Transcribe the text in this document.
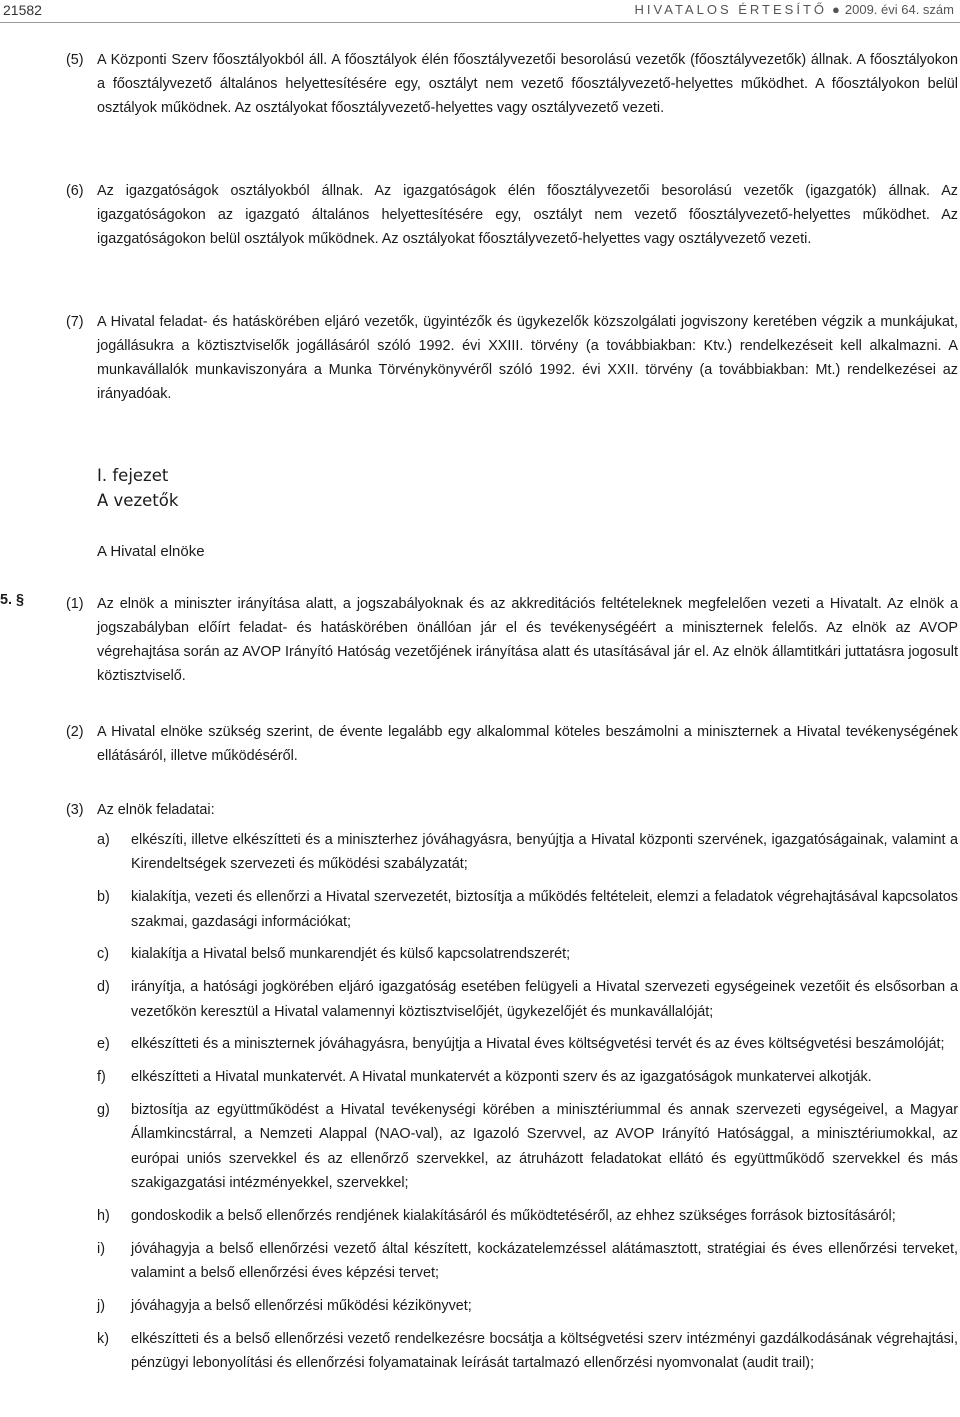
21582	HIVATALOS ÉRTESÍTŐ ● 2009. évi 64. szám
(5) A Központi Szerv főosztályokból áll. A főosztályok élén főosztályvezetői besorolású vezetők (főosztályvezetők) állnak. A főosztályokon a főosztályvezető általános helyettesítésére egy, osztályt nem vezető főosztályvezető-helyettes működhet. A főosztályokon belül osztályok működnek. Az osztályokat főosztályvezető-helyettes vagy osztályvezető vezeti.
(6) Az igazgatóságok osztályokból állnak. Az igazgatóságok élén főosztályvezetői besorolású vezetők (igazgatók) állnak. Az igazgatóságokon az igazgató általános helyettesítésére egy, osztályt nem vezető főosztályvezető-helyettes működhet. Az igazgatóságokon belül osztályok működnek. Az osztályokat főosztályvezető-helyettes vagy osztályvezető vezeti.
(7) A Hivatal feladat- és hatáskörében eljáró vezetők, ügyintézők és ügykezelők közszolgálati jogviszony keretében végzik a munkájukat, jogállásukra a köztisztviselők jogállásáról szóló 1992. évi XXIII. törvény (a továbbiakban: Ktv.) rendelkezéseit kell alkalmazni. A munkavállalók munkaviszonyára a Munka Törvénykönyvéről szóló 1992. évi XXII. törvény (a továbbiakban: Mt.) rendelkezései az irányadóak.
I. fejezet
A vezetők
A Hivatal elnöke
5. §	(1) Az elnök a miniszter irányítása alatt, a jogszabályoknak és az akkreditációs feltételeknek megfelelően vezeti a Hivatalt. Az elnök a jogszabályban előírt feladat- és hatáskörében önállóan jár el és tevékenységéért a miniszternek felelős. Az elnök az AVOP végrehajtása során az AVOP Irányító Hatóság vezetőjének irányítása alatt és utasításával jár el. Az elnök államtitkári juttatásra jogosult köztisztviselő.
(2) A Hivatal elnöke szükség szerint, de évente legalább egy alkalommal köteles beszámolni a miniszternek a Hivatal tevékenységének ellátásáról, illetve működéséről.
(3) Az elnök feladatai:
a) elkészíti, illetve elkészítteti és a miniszterhez jóváhagyásra, benyújtja a Hivatal központi szervének, igazgatóságainak, valamint a Kirendeltségek szervezeti és működési szabályzatát;
b) kialakítja, vezeti és ellenőrzi a Hivatal szervezetét, biztosítja a működés feltételeit, elemzi a feladatok végrehajtásával kapcsolatos szakmai, gazdasági információkat;
c) kialakítja a Hivatal belső munkarendjét és külső kapcsolatrendszerét;
d) irányítja, a hatósági jogkörében eljáró igazgatóság esetében felügyeli a Hivatal szervezeti egységeinek vezetőit és elsősorban a vezetőkön keresztül a Hivatal valamennyi köztisztviselőjét, ügykezelőjét és munkavállalóját;
e) elkészítteti és a miniszternek jóváhagyásra, benyújtja a Hivatal éves költségvetési tervét és az éves költségvetési beszámolóját;
f) elkészítteti a Hivatal munkatervét. A Hivatal munkatervét a központi szerv és az igazgatóságok munkatervei alkotják.
g) biztosítja az együttműködést a Hivatal tevékenységi körében a minisztériummal és annak szervezeti egységeivel, a Magyar Államkincstárral, a Nemzeti Alappal (NAO-val), az Igazoló Szervvel, az AVOP Irányító Hatósággal, a minisztériumokkal, az európai uniós szervekkel és az ellenőrző szervekkel, az átruházott feladatokat ellátó és együttműködő szervekkel és más szakigazgatási intézményekkel, szervekkel;
h) gondoskodik a belső ellenőrzés rendjének kialakításáról és működtetéséről, az ehhez szükséges források biztosításáról;
i) jóváhagyja a belső ellenőrzési vezető által készített, kockázatelemzéssel alátámasztott, stratégiai és éves ellenőrzési terveket, valamint a belső ellenőrzési éves képzési tervet;
j) jóváhagyja a belső ellenőrzési működési kézikönyvet;
k) elkészítteti és a belső ellenőrzési vezető rendelkezésre bocsátja a költségvetési szerv intézményi gazdálkodásának végrehajtási, pénzügyi lebonyolítási és ellenőrzési folyamatainak leírását tartalmazó ellenőrzési nyomvonalat (audit trail);
